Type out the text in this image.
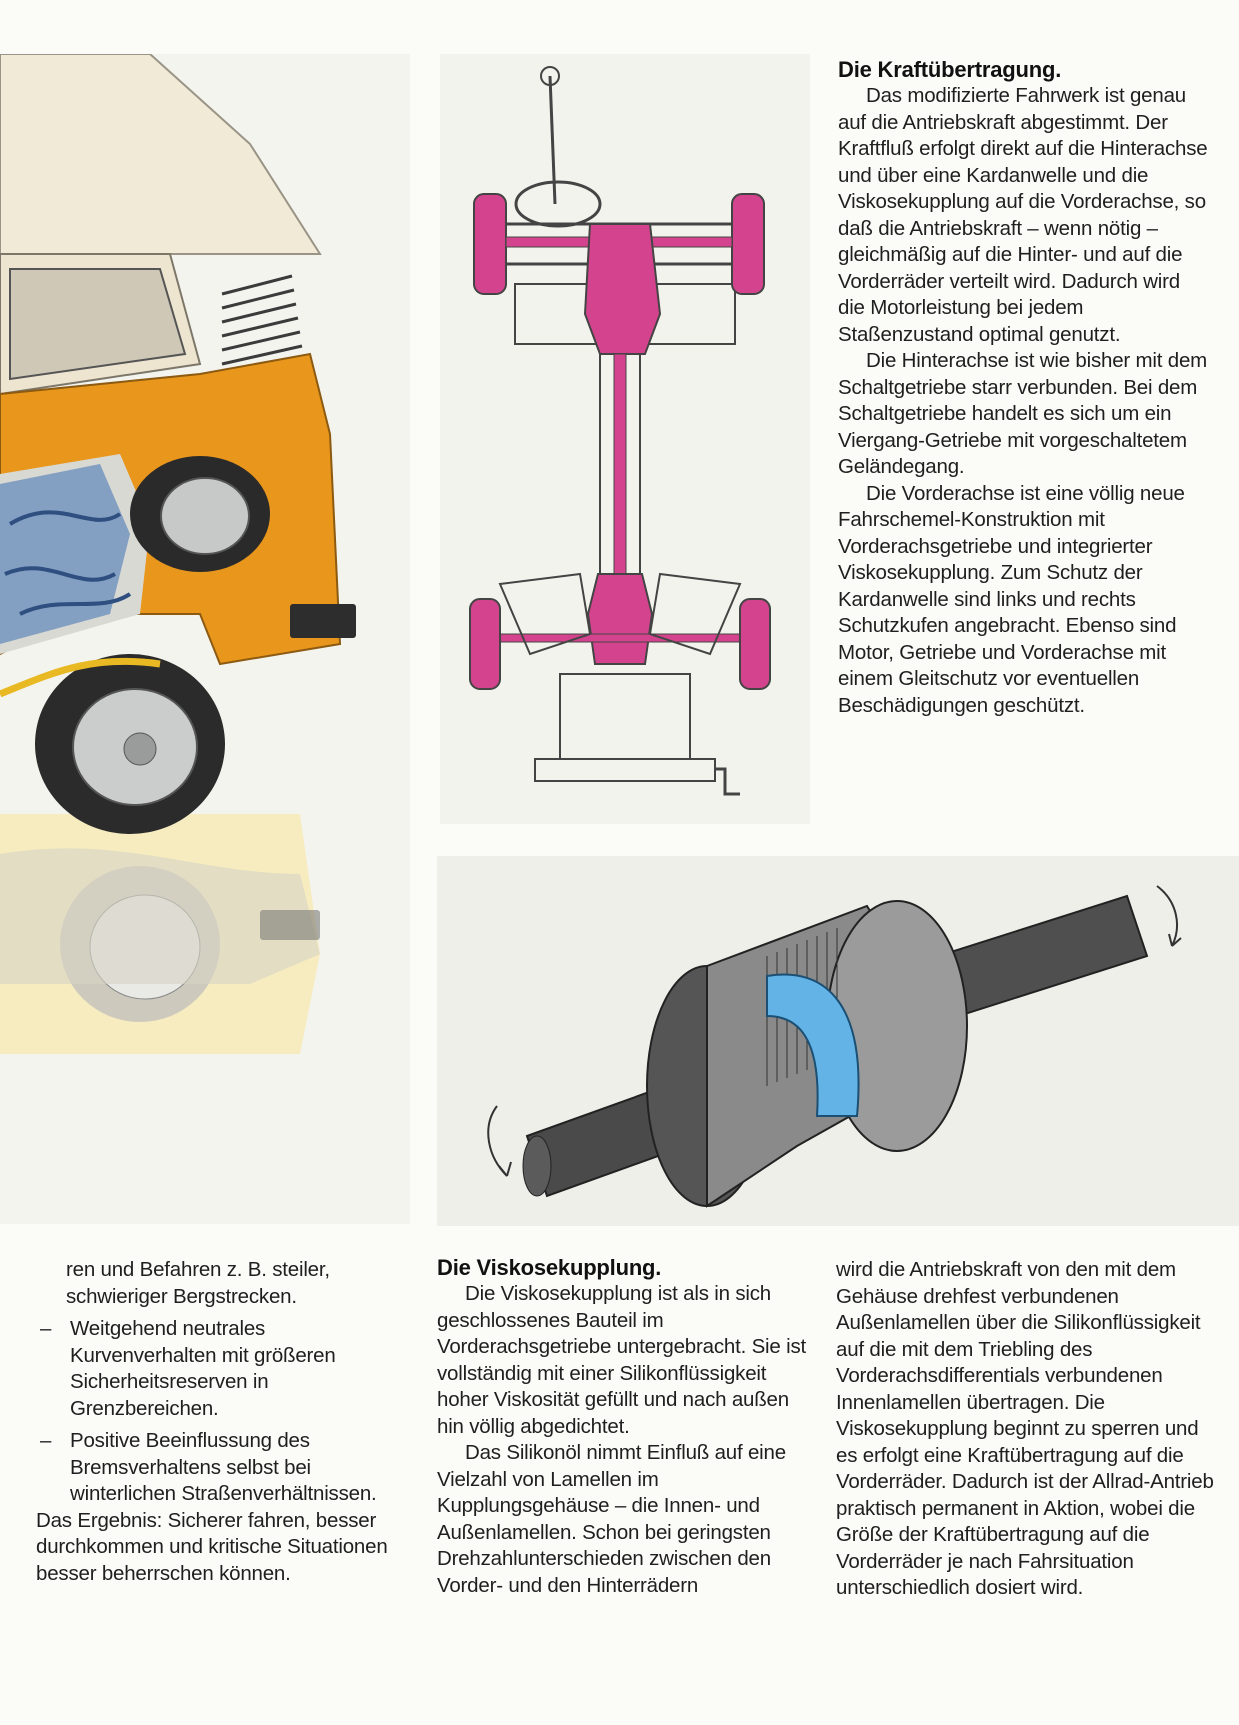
Die Kraftübertragung.

Das modifizierte Fahrwerk ist genau auf die Antriebskraft abgestimmt. Der Kraftfluß erfolgt direkt auf die Hinterachse und über eine Kardanwelle und die Viskosekupplung auf die Vorderachse, so daß die Antriebskraft – wenn nötig – gleichmäßig auf die Hinter- und auf die Vorderräder verteilt wird. Dadurch wird die Motorleistung bei jedem Staßenzustand optimal genutzt.

Die Hinterachse ist wie bisher mit dem Schaltgetriebe starr verbunden. Bei dem Schaltgetriebe handelt es sich um ein Viergang-Getriebe mit vorgeschaltetem Geländegang.

Die Vorderachse ist eine völlig neue Fahrschemel-Konstruktion mit Vorderachsgetriebe und integrierter Viskosekupplung. Zum Schutz der Kardanwelle sind links und rechts Schutzkufen angebracht. Ebenso sind Motor, Getriebe und Vorderachse mit einem Gleitschutz vor eventuellen Beschädigungen geschützt.

ren und Befahren z. B. steiler, schwieriger Bergstrecken.

– Weitgehend neutrales Kurvenverhalten mit größeren Sicherheitsreserven in Grenzbereichen.
– Positive Beeinflussung des Bremsverhaltens selbst bei winterlichen Straßenverhältnissen.

Das Ergebnis: Sicherer fahren, besser durchkommen und kritische Situationen besser beherrschen können.

Die Viskosekupplung.

Die Viskosekupplung ist als in sich geschlossenes Bauteil im Vorderachsgetriebe untergebracht. Sie ist vollständig mit einer Silikonflüssigkeit hoher Viskosität gefüllt und nach außen hin völlig abgedichtet.

Das Silikonöl nimmt Einfluß auf eine Vielzahl von Lamellen im Kupplungsgehäuse – die Innen- und Außenlamellen. Schon bei geringsten Drehzahlunterschieden zwischen den Vorder- und den Hinterrädern

wird die Antriebskraft von den mit dem Gehäuse drehfest verbundenen Außenlamellen über die Silikonflüssigkeit auf die mit dem Triebling des Vorderachsdifferentials verbundenen Innenlamellen übertragen. Die Viskosekupplung beginnt zu sperren und es erfolgt eine Kraftübertragung auf die Vorderräder. Dadurch ist der Allrad-Antrieb praktisch permanent in Aktion, wobei die Größe der Kraftübertragung auf die Vorderräder je nach Fahrsituation unterschiedlich dosiert wird.
